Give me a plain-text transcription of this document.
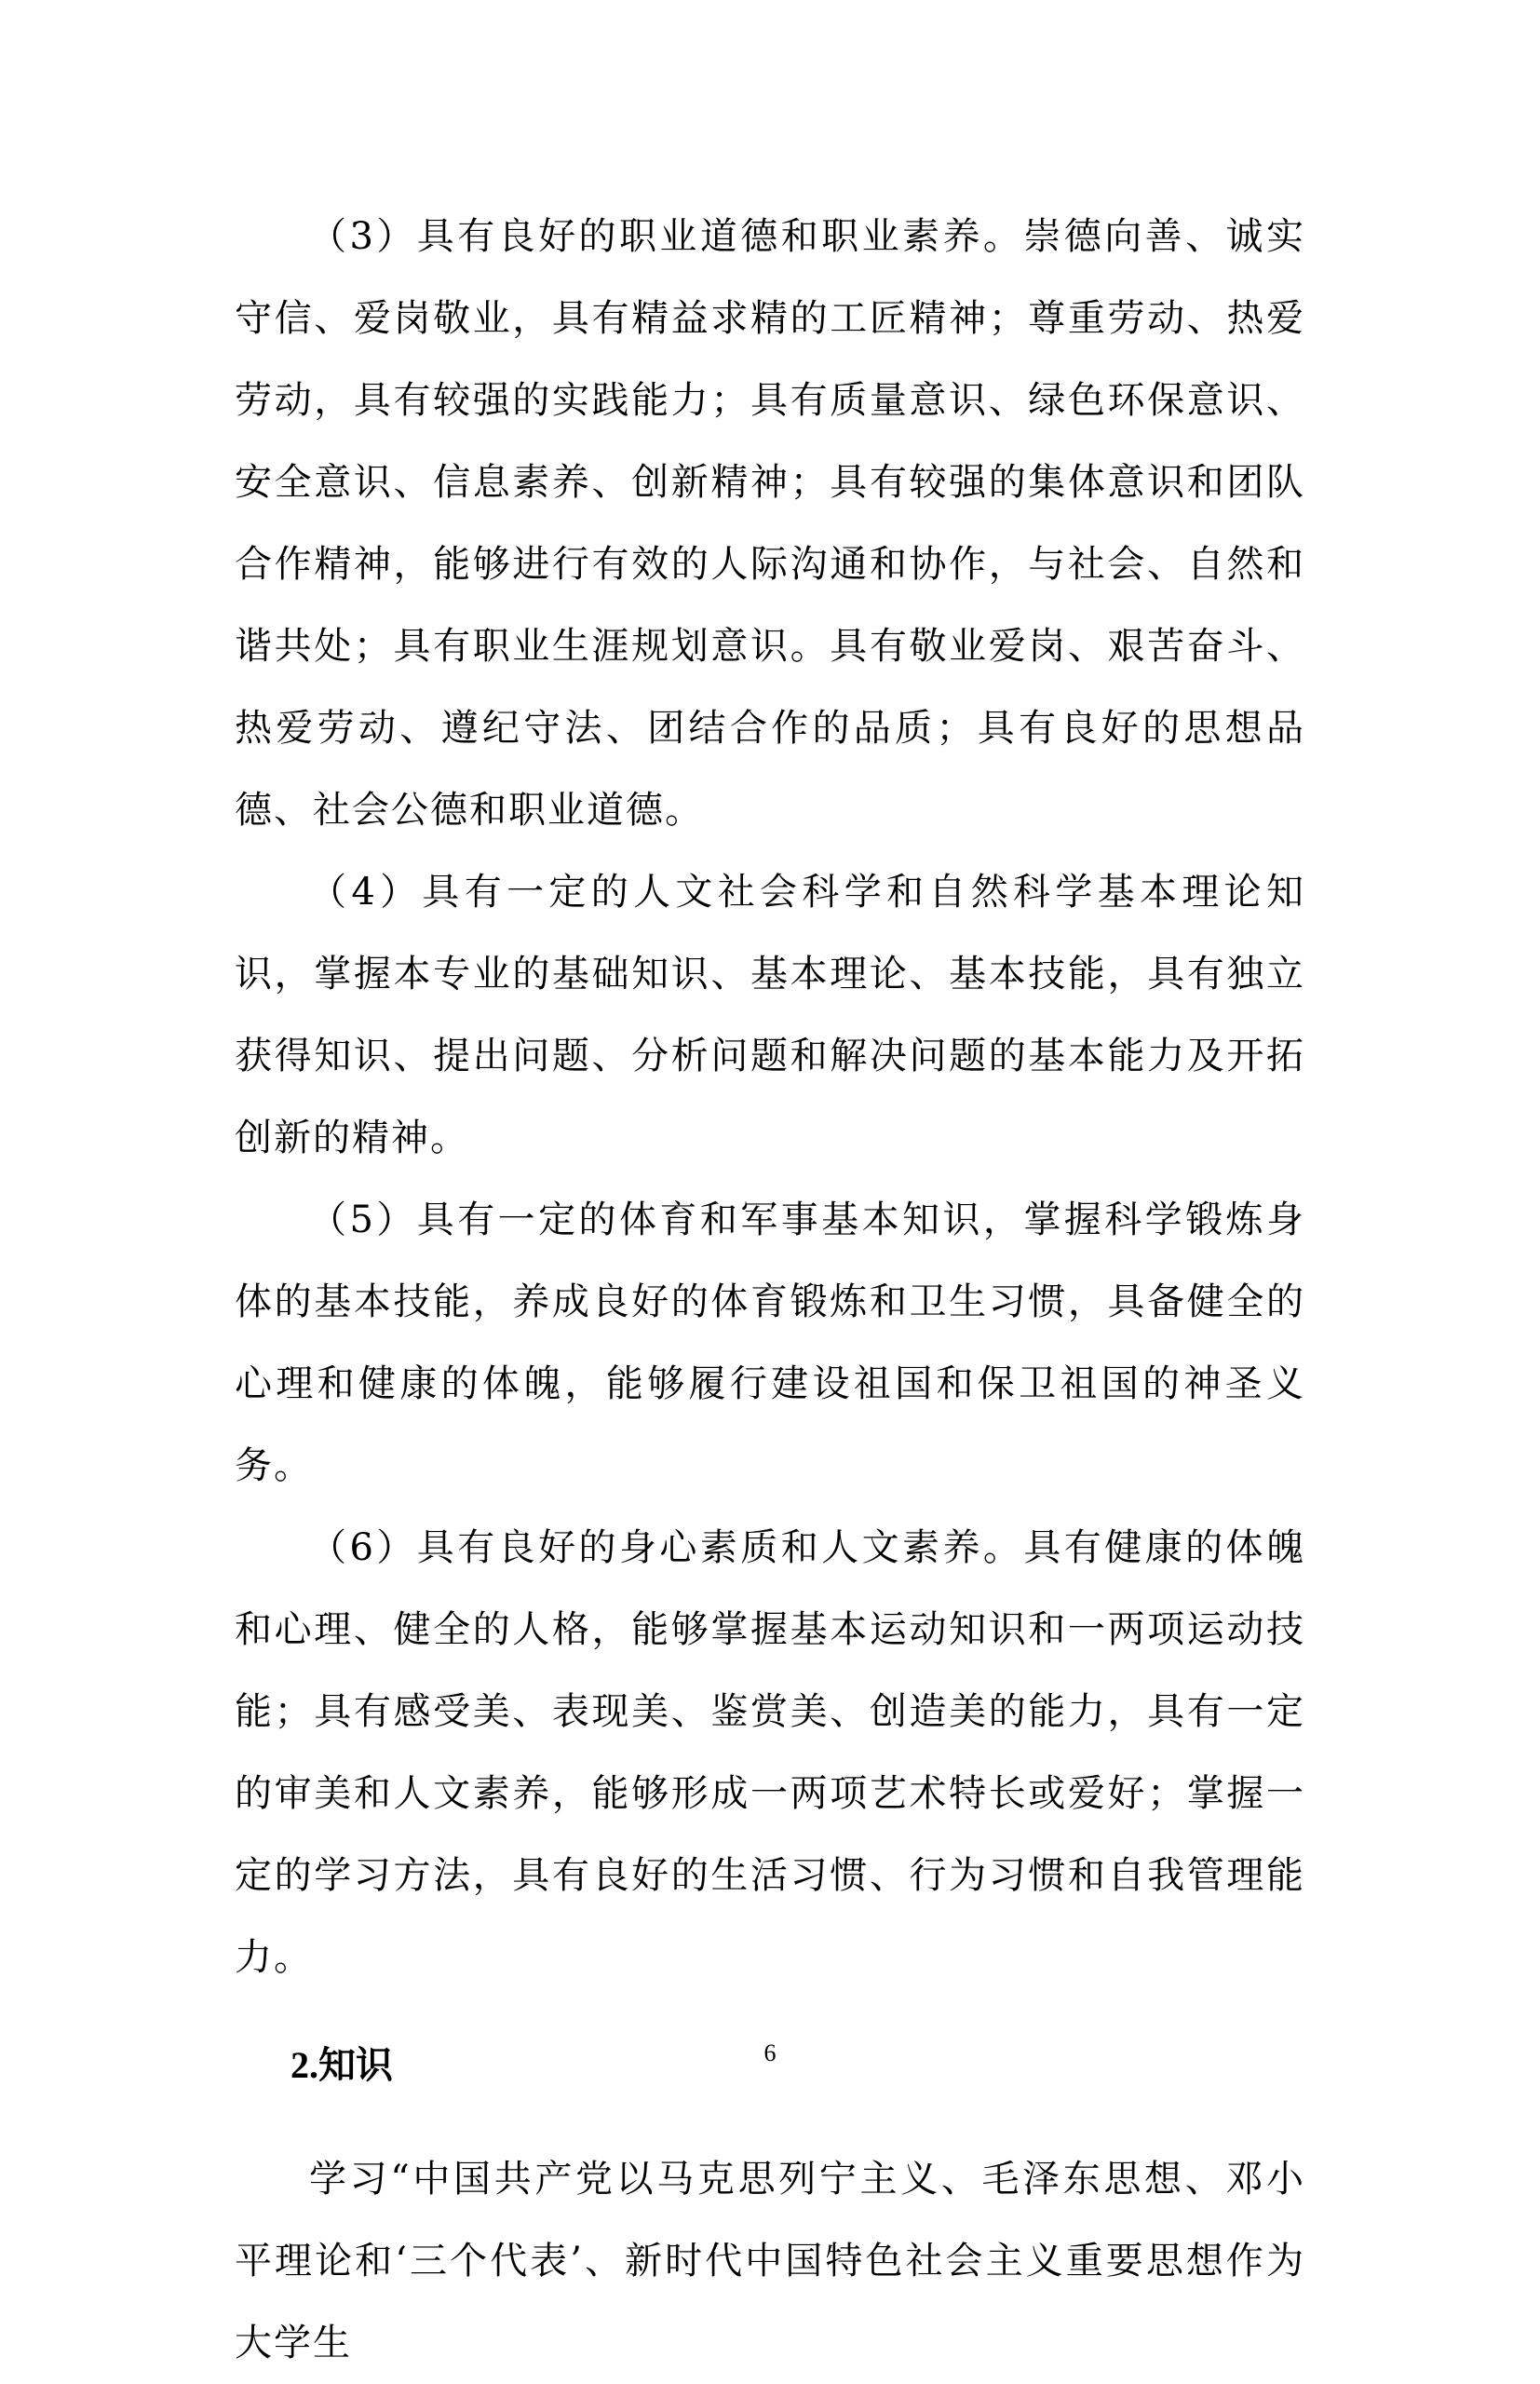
（3）具有良好的职业道德和职业素养。崇德向善、诚实守信、爱岗敬业，具有精益求精的工匠精神；尊重劳动、热爱劳动，具有较强的实践能力；具有质量意识、绿色环保意识、安全意识、信息素养、创新精神；具有较强的集体意识和团队合作精神，能够进行有效的人际沟通和协作，与社会、自然和谐共处；具有职业生涯规划意识。具有敬业爱岗、艰苦奋斗、热爱劳动、遵纪守法、团结合作的品质；具有良好的思想品德、社会公德和职业道德。

（4）具有一定的人文社会科学和自然科学基本理论知识，掌握本专业的基础知识、基本理论、基本技能，具有独立获得知识、提出问题、分析问题和解决问题的基本能力及开拓创新的精神。

（5）具有一定的体育和军事基本知识，掌握科学锻炼身体的基本技能，养成良好的体育锻炼和卫生习惯，具备健全的心理和健康的体魄，能够履行建设祖国和保卫祖国的神圣义务。

（6）具有良好的身心素质和人文素养。具有健康的体魄和心理、健全的人格，能够掌握基本运动知识和一两项运动技能；具有感受美、表现美、鉴赏美、创造美的能力，具有一定的审美和人文素养，能够形成一两项艺术特长或爱好；掌握一定的学习方法，具有良好的生活习惯、行为习惯和自我管理能力。

2.知识

学习“中国共产党以马克思列宁主义、毛泽东思想、邓小平理论和‘三个代表’、新时代中国特色社会主义重要思想作为大学生

6
